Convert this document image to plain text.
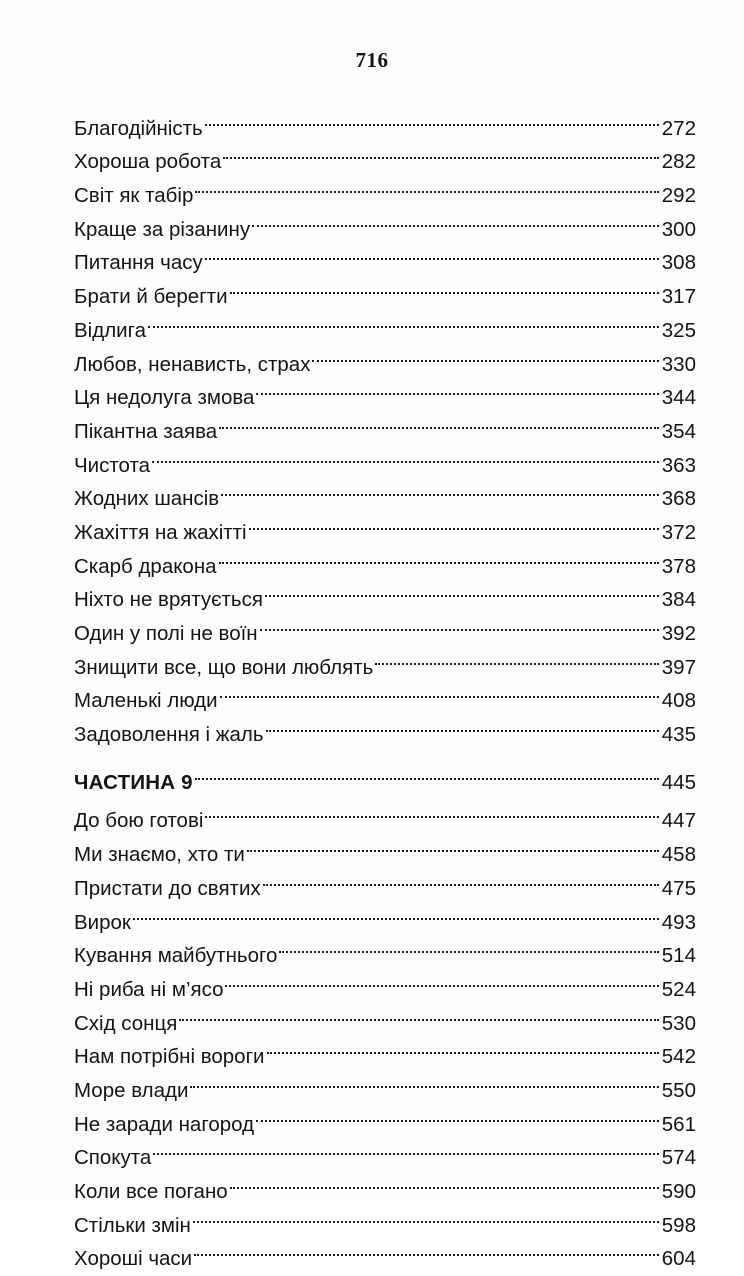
716
Благодійність	272
Хороша робота	282
Світ як табір	292
Краще за різанину	300
Питання часу	308
Брати й берегти	317
Відлига	325
Любов, ненависть, страх	330
Ця недолуга змова	344
Пікантна заява	354
Чистота	363
Жодних шансів	368
Жахіття на жахітті	372
Скарб дракона	378
Ніхто не врятується	384
Один у полі не воїн	392
Знищити все, що вони люблять	397
Маленькі люди	408
Задоволення і жаль	435
ЧАСТИНА 9	445
До бою готові	447
Ми знаємо, хто ти	458
Пристати до святих	475
Вирок	493
Кування майбутнього	514
Ні риба ні м’ясо	524
Схід сонця	530
Нам потрібні вороги	542
Море влади	550
Не заради нагород	561
Спокута	574
Коли все погано	590
Стільки змін	598
Хороші часи	604
